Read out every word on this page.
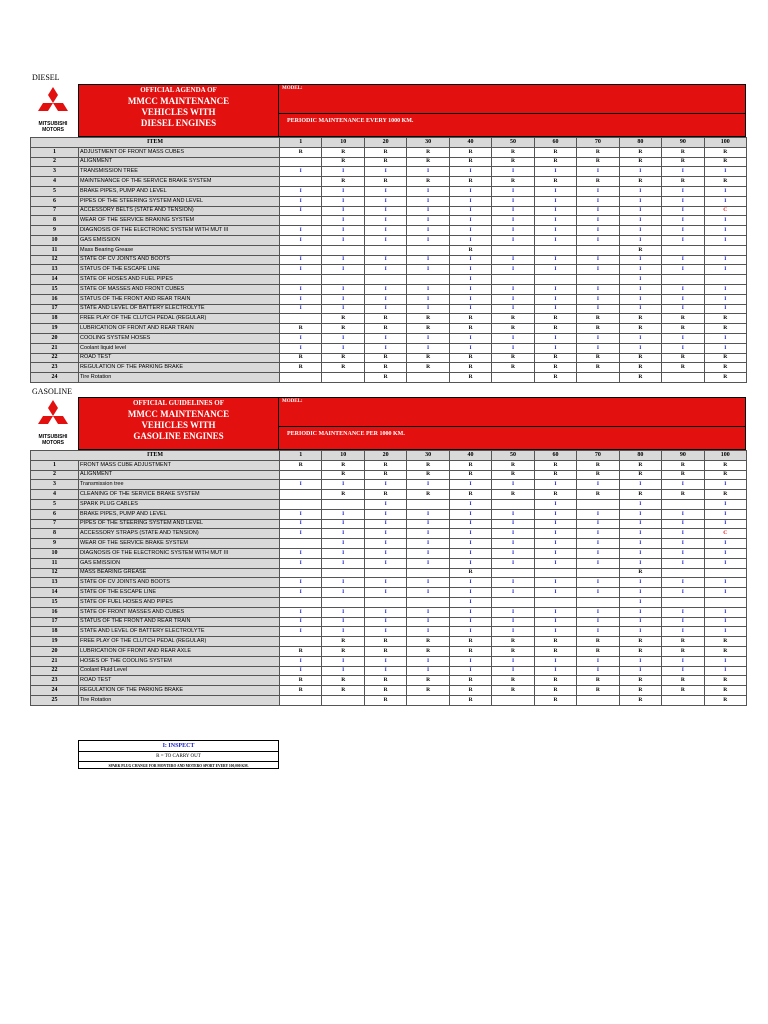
DIESEL
MITSUBISHI
MOTORS
OFFICIAL AGENDA OF
MMCC MAINTENANCE
VEHICLES WITH
DIESEL ENGINES
MODEL:
PERIODIC MAINTENANCE EVERY 1000 KM.
ITEM		1	10	20	30	40	50	60	70	80	90	100
1	ADJUSTMENT OF FRONT MASS CUBES	R	R	R	R	R	R	R	R	R	R	R
2	ALIGNMENT		R	R	R	R	R	R	R	R	R	R
3	TRANSMISSION TREE	I	I	I	I	I	I	I	I	I	I	I
4	MAINTENANCE OF THE SERVICE BRAKE SYSTEM		R	R	R	R	R	R	R	R	R	R
5	BRAKE PIPES, PUMP AND LEVEL	I	I	I	I	I	I	I	I	I	I	I
6	PIPES OF THE STEERING SYSTEM AND LEVEL	I	I	I	I	I	I	I	I	I	I	I
7	ACCESSORY BELTS (STATE AND TENSION)	I	I	I	I	I	I	I	I	I	I	C
8	WEAR OF THE SERVICE BRAKING SYSTEM		I	I	I	I	I	I	I	I	I	I
9	DIAGNOSIS OF THE ELECTRONIC SYSTEM WITH MUT III	I	I	I	I	I	I	I	I	I	I	I
10	GAS EMISSION	I	I	I	I	I	I	I	I	I	I	I
11	Mass Bearing Grease					R				R		
12	STATE OF CV JOINTS AND BOOTS	I	I	I	I	I	I	I	I	I	I	I
13	STATUS OF THE ESCAPE LINE	I	I	I	I	I	I	I	I	I	I	I
14	STATE OF HOSES AND FUEL PIPES					I				I		
15	STATE OF MASSES AND FRONT CUBES	I	I	I	I	I	I	I	I	I	I	I
16	STATUS OF THE FRONT AND REAR TRAIN	I	I	I	I	I	I	I	I	I	I	I
17	STATE AND LEVEL OF BATTERY ELECTROLYTE	I	I	I	I	I	I	I	I	I	I	I
18	FREE PLAY OF THE CLUTCH PEDAL (REGULAR)		R	R	R	R	R	R	R	R	R	R
19	LUBRICATION OF FRONT AND REAR TRAIN	R	R	R	R	R	R	R	R	R	R	R
20	COOLING SYSTEM HOSES	I	I	I	I	I	I	I	I	I	I	I
21	Coolant liquid level	I	I	I	I	I	I	I	I	I	I	I
22	ROAD TEST	R	R	R	R	R	R	R	R	R	R	R
23	REGULATION OF THE PARKING BRAKE	R	R	R	R	R	R	R	R	R	R	R
24	Tire Rotation			R		R		R		R		R
GASOLINE
MITSUBISHI
MOTORS
OFFICIAL GUIDELINES OF
MMCC MAINTENANCE
VEHICLES WITH
GASOLINE ENGINES
MODEL:
PERIODIC MAINTENANCE PER 1000 KM.
ITEM		1	10	20	30	40	50	60	70	80	90	100
1	FRONT MASS CUBE ADJUSTMENT	R	R	R	R	R	R	R	R	R	R	R
2	ALIGNMENT		R	R	R	R	R	R	R	R	R	R
3	Transmission tree	I	I	I	I	I	I	I	I	I	I	I
4	CLEANING OF THE SERVICE BRAKE SYSTEM		R	R	R	R	R	R	R	R	R	R
5	SPARK PLUG CABLES			I		I		I		I		I
6	BRAKE PIPES, PUMP AND LEVEL	I	I	I	I	I	I	I	I	I	I	I
7	PIPES OF THE STEERING SYSTEM AND LEVEL	I	I	I	I	I	I	I	I	I	I	I
8	ACCESSORY STRAPS (STATE AND TENSION)	I	I	I	I	I	I	I	I	I	I	C
9	WEAR OF THE SERVICE BRAKE SYSTEM		I	I	I	I	I	I	I	I	I	I
10	DIAGNOSIS OF THE ELECTRONIC SYSTEM WITH MUT III	I	I	I	I	I	I	I	I	I	I	I
11	GAS EMISSION	I	I	I	I	I	I	I	I	I	I	I
12	MASS BEARING GREASE					R				R		
13	STATE OF CV JOINTS AND BOOTS	I	I	I	I	I	I	I	I	I	I	I
14	STATE OF THE ESCAPE LINE	I	I	I	I	I	I	I	I	I	I	I
15	STATE OF FUEL HOSES AND PIPES					I				I		
16	STATE OF FRONT MASSES AND CUBES	I	I	I	I	I	I	I	I	I	I	I
17	STATUS OF THE FRONT AND REAR TRAIN	I	I	I	I	I	I	I	I	I	I	I
18	STATE AND LEVEL OF BATTERY ELECTROLYTE	I	I	I	I	I	I	I	I	I	I	I
19	FREE PLAY OF THE CLUTCH PEDAL (REGULAR)		R	R	R	R	R	R	R	R	R	R
20	LUBRICATION OF FRONT AND REAR AXLE	R	R	R	R	R	R	R	R	R	R	R
21	HOSES OF THE COOLING SYSTEM	I	I	I	I	I	I	I	I	I	I	I
22	Coolant Fluid Level	I	I	I	I	I	I	I	I	I	I	I
23	ROAD TEST	R	R	R	R	R	R	R	R	R	R	R
24	REGULATION OF THE PARKING BRAKE	R	R	R	R	R	R	R	R	R	R	R
25	Tire Rotation			R		R		R		R		R
I: INSPECT
R = TO CARRY OUT
SPARK PLUG CHANGE FOR MONTERO AND MOTERO SPORT EVERY 100,000 KM.
